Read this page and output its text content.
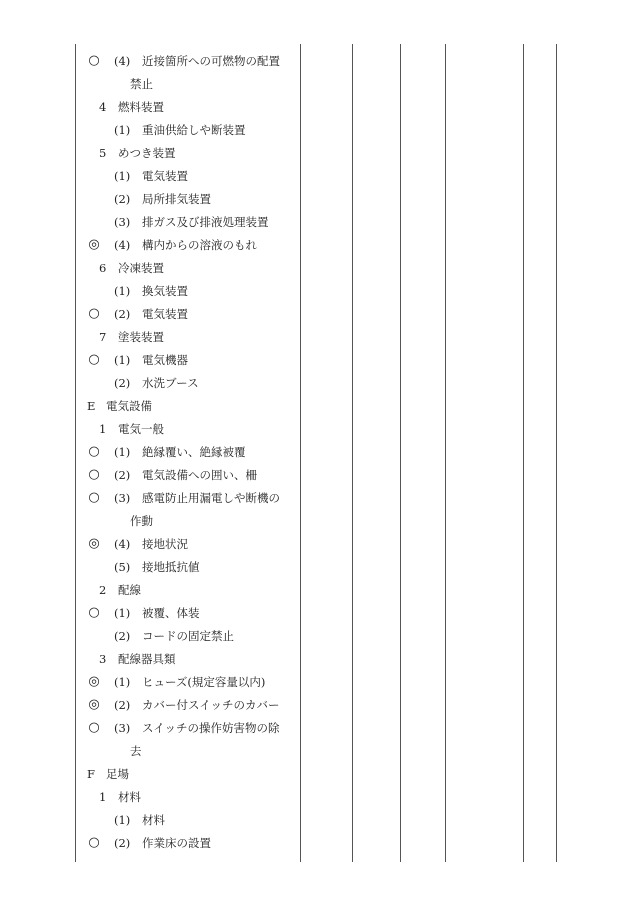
○	(4) 近接箇所への可燃物の配置
禁止
4 燃料装置
(1) 重油供給しや断装置
5 めつき装置
(1) 電気装置
(2) 局所排気装置
(3) 排ガス及び排液処理装置
◎	(4) 構内からの溶液のもれ
6 冷凍装置
(1) 換気装置
○	(2) 電気装置
7 塗装装置
○	(1) 電気機器
(2) 水洗ブース
E 電気設備
1 電気一般
○	(1) 絶縁覆い、絶縁被覆
○	(2) 電気設備への囲い、柵
○	(3) 感電防止用漏電しや断機の
作動
◎	(4) 接地状況
(5) 接地抵抗値
2 配線
○	(1) 被覆、体装
(2) コードの固定禁止
3 配線器具類
◎	(1) ヒューズ(規定容量以内)
◎	(2) カバー付スイッチのカバー
○	(3) スイッチの操作妨害物の除
去
F 足場
1 材料
(1) 材料
○	(2) 作業床の設置
